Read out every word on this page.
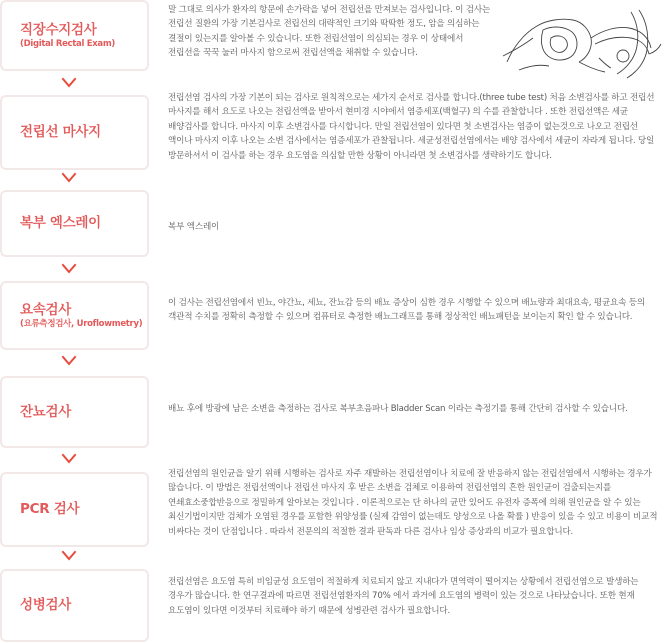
직장수지검사
(Digital Rectal Exam)
말 그대로 의사가 환자의 항문에 손가락을 넣어 전립선을 만져보는 검사입니다. 이 검사는 전립선 질환의 가장 기본검사로 전립선의 대략적인 크기와 딱딱한 정도, 암을 의심하는 결절이 있는지를 알아볼 수 있습니다. 또한 전립선염이 의심되는 경우 이 상태에서 전립선을 꾹꾹 눌러 마사지 함으로써 전립선액을 채취할 수 있습니다.
전립선 마사지
전립선염 검사의 가장 기본이 되는 검사로 원칙적으로는 세가지 순서로 검사를 합니다.(three tube test) 처음 소변검사를 하고 전립선 마사지를 해서 요도로 나오는 전립선액을 받아서 현미경 시야에서 염증세포(백혈구) 의 수를 관찰합니다 . 또한 전립선액은 세균 배양검사를 합니다. 마사지 이후 소변검사를 다시합니다. 만일 전립선염이 있다면 첫 소변검사는 염증이 없는것으로 나오고 전립선 액이나 마사지 이후 나오는 소변 검사에서는 염증세포가 관찰됩니다. 세균성전립선염에서는 배양 검사에서 세균이 자라게 됩니다. 당일 방문하셔서 이 검사를 하는 경우 요도염을 의심할 만한 상황이 아니라면 첫 소변검사를 생략하기도 합니다.
복부 엑스레이	복부 엑스레이
요속검사
(요류측정검사, Uroflowmetry)
이 검사는 전립선염에서 빈뇨, 야간뇨, 세뇨, 잔뇨감 등의 배뇨 증상이 심한 경우 시행할 수 있으며 배뇨량과 최대요속, 평균요속 등의 객관적 수치를 정확히 측정할 수 있으며 컴퓨터로 측정한 배뇨그래프를 통해 정상적인 배뇨패턴을 보이는지 확인 할 수 있습니다.
잔뇨검사	배뇨 후에 방광에 남은 소변을 측정하는 검사로 복부초음파나 Bladder Scan 이라는 측정기를 통해 간단히 검사할 수 있습니다.
PCR 검사
전립선염의 원인균을 알기 위해 시행하는 검사로 자주 재발하는 전립선염이나 치료에 잘 반응하지 않는 전립선염에서 시행하는 경우가 많습니다. 이 방법은 전립선액이나 전립선 마사지 후 받은 소변을 검체로 이용하여 전립선염의 흔한 원인균이 검출되는지를 연쇄효소중합반응으로 정밀하게 알아보는 것입니다 . 이론적으로는 단 하나의 균만 있어도 유전자 증폭에 의해 원인균을 알 수 있는 최신기법이지만 검체가 오염된 경우를 포함한 위양성률 (실제 감염이 없는데도 양성으로 나올 확률 ) 반응이 있을 수 있고 비용이 비교적 비싸다는 것이 단점입니다 . 따라서 전문의의 적절한 결과 판독과 다른 검사나 임상 증상과의 비교가 필요합니다.
성병검사
전립선염은 요도염 특히 비임균성 요도염이 적절하게 치료되지 않고 지내다가 면역력이 떨어지는 상황에서 전립선염으로 발생하는 경우가 많습니다. 한 연구결과에 따르면 전립선염환자의 70% 에서 과거에 요도염의 병력이 있는 것으로 나타났습니다. 또한 현재 요도염이 있다면 이것부터 치료해야 하기 때문에 성병관련 검사가 필요합니다.
